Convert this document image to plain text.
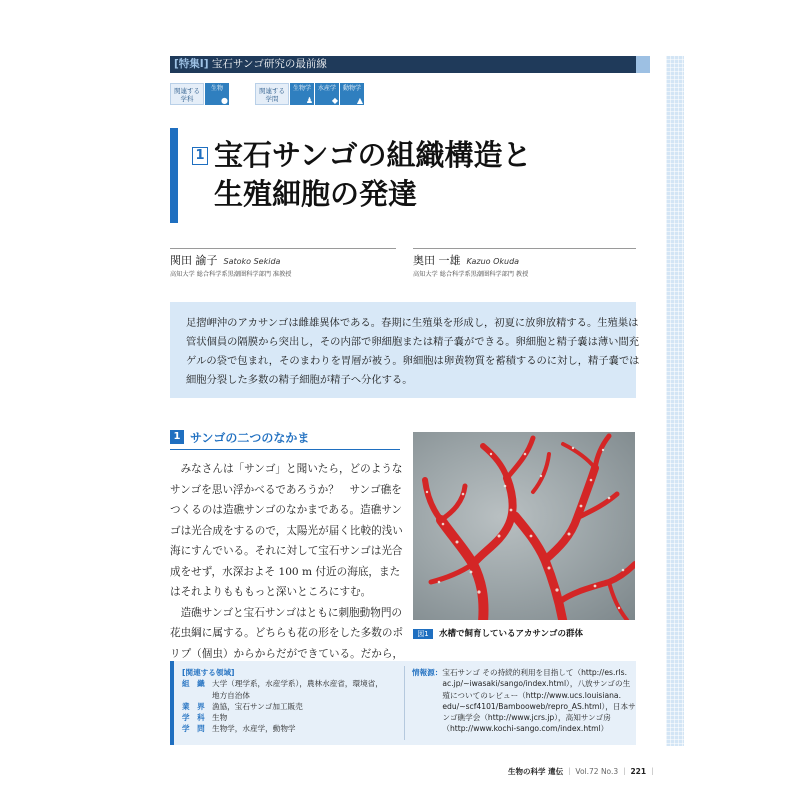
[特集I] 宝石サンゴ研究の最前線
関連する
学科
生物
●
関連する
学問
生物学
♟
水産学
◆
動物学
▲
1 宝石サンゴの組織構造と
生殖細胞の発達
関田 諭子 Satoko Sekida
高知大学 総合科学系黒潮圏科学部門 准教授
奥田 一雄 Kazuo Okuda
高知大学 総合科学系黒潮圏科学部門 教授

足摺岬沖のアカサンゴは雌雄異体である。春期に生殖巣を形成し，初夏に放卵放精する。生殖巣は

管状個員の隔膜から突出し，その内部で卵細胞または精子嚢ができる。卵細胞と精子嚢は薄い間充

ゲルの袋で包まれ，そのまわりを胃層が被う。卵細胞は卵黄物質を蓄積するのに対し，精子嚢では

細胞分裂した多数の精子細胞が精子へ分化する。

1 サンゴの二つのなかま

　みなさんは「サンゴ」と聞いたら，どのような

サンゴを思い浮かべるであろうか？　サンゴ礁を

つくるのは造礁サンゴのなかまである。造礁サン

ゴは光合成をするので，太陽光が届く比較的浅い

海にすんでいる。それに対して宝石サンゴは光合

成をせず，水深およそ 100 m 付近の海底，また

はそれよりもももっと深いところにすむ。

　造礁サンゴと宝石サンゴはともに刺胞動物門の

花虫綱に属する。どちらも花の形をした多数のポ

リプ（個虫）からからだができている。だから，

図1	水槽で飼育しているアカサンゴの群体
[関連する領域]
組　織 大学（理学系，水産学系），農林水産省，環境省，
地方自治体
業　界 漁協，宝石サンゴ加工販売
学　科 生物
学　問 生物学，水産学，動物学
情報源： 宝石サンゴ その持続的利用を目指して（http://es.rls.
ac.jp/~iwasaki/sango/index.html），八放サンゴの生
殖についてのレビュー（http://www.ucs.louisiana.
edu/~scf4101/Bambooweb/repro_AS.html），日本サ
ンゴ礁学会（http://www.jcrs.jp），高知サンゴ房
（http://www.kochi-sango.com/index.html）
生物の科学 遺伝 ｜ Vol.72 No.3 ｜ 221 ｜
